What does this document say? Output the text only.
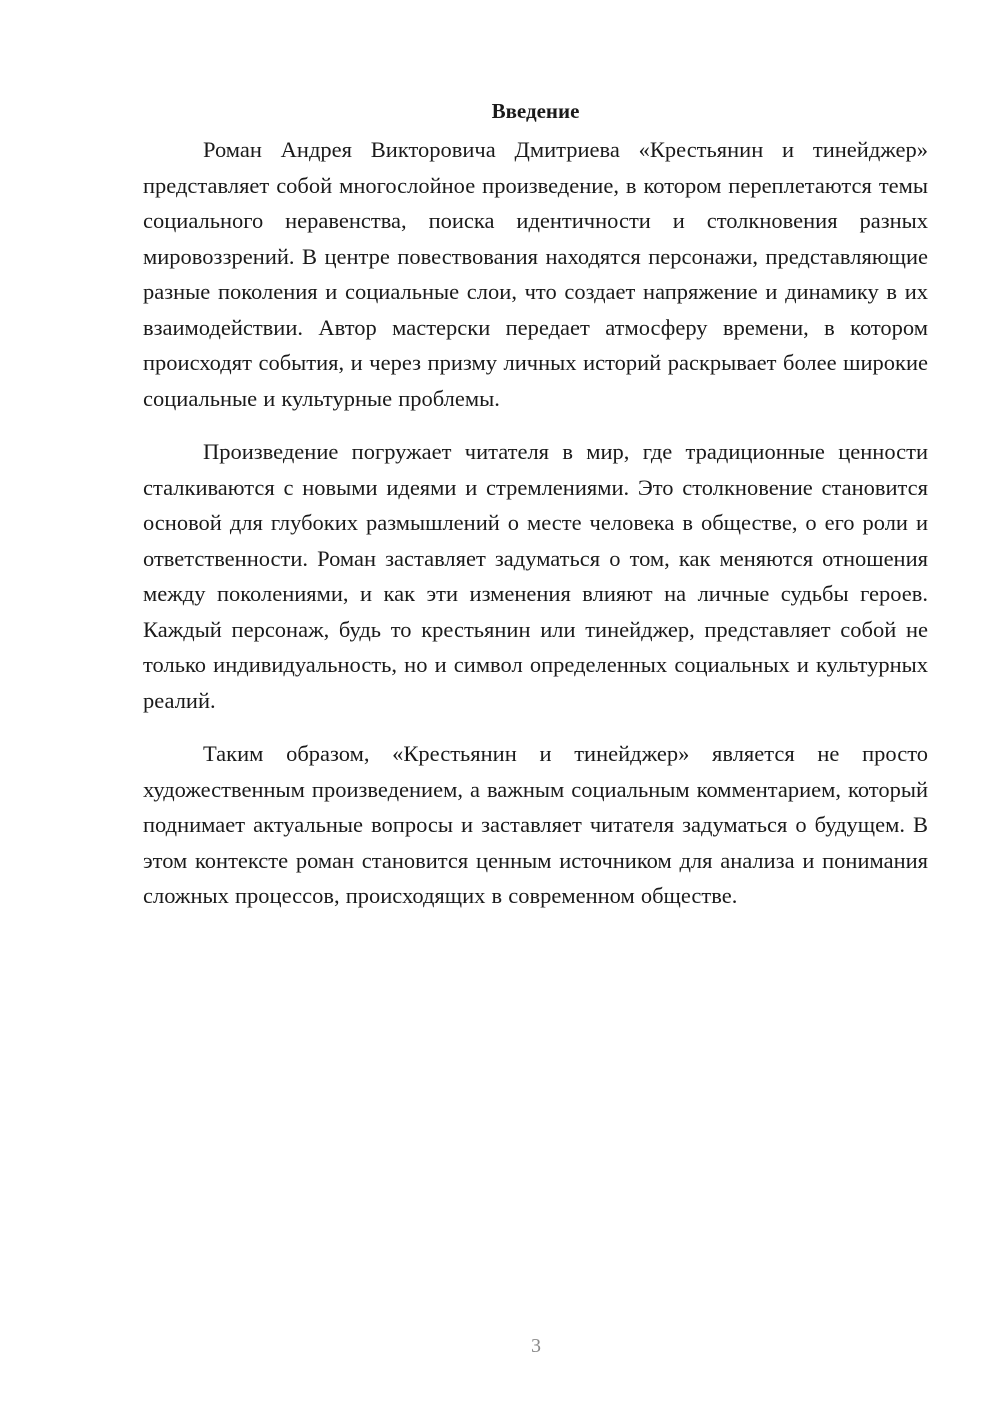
Введение

Роман Андрея Викторовича Дмитриева «Крестьянин и тинейджер» представляет собой многослойное произведение, в котором переплетаются темы социального неравенства, поиска идентичности и столкновения разных мировоззрений. В центре повествования находятся персонажи, представляющие разные поколения и социальные слои, что создает напряжение и динамику в их взаимодействии. Автор мастерски передает атмосферу времени, в котором происходят события, и через призму личных историй раскрывает более широкие социальные и культурные проблемы.

Произведение погружает читателя в мир, где традиционные ценности сталкиваются с новыми идеями и стремлениями. Это столкновение становится основой для глубоких размышлений о месте человека в обществе, о его роли и ответственности. Роман заставляет задуматься о том, как меняются отношения между поколениями, и как эти изменения влияют на личные судьбы героев. Каждый персонаж, будь то крестьянин или тинейджер, представляет собой не только индивидуальность, но и символ определенных социальных и культурных реалий.

Таким образом, «Крестьянин и тинейджер» является не просто художественным произведением, а важным социальным комментарием, который поднимает актуальные вопросы и заставляет читателя задуматься о будущем. В этом контексте роман становится ценным источником для анализа и понимания сложных процессов, происходящих в современном обществе.

3
